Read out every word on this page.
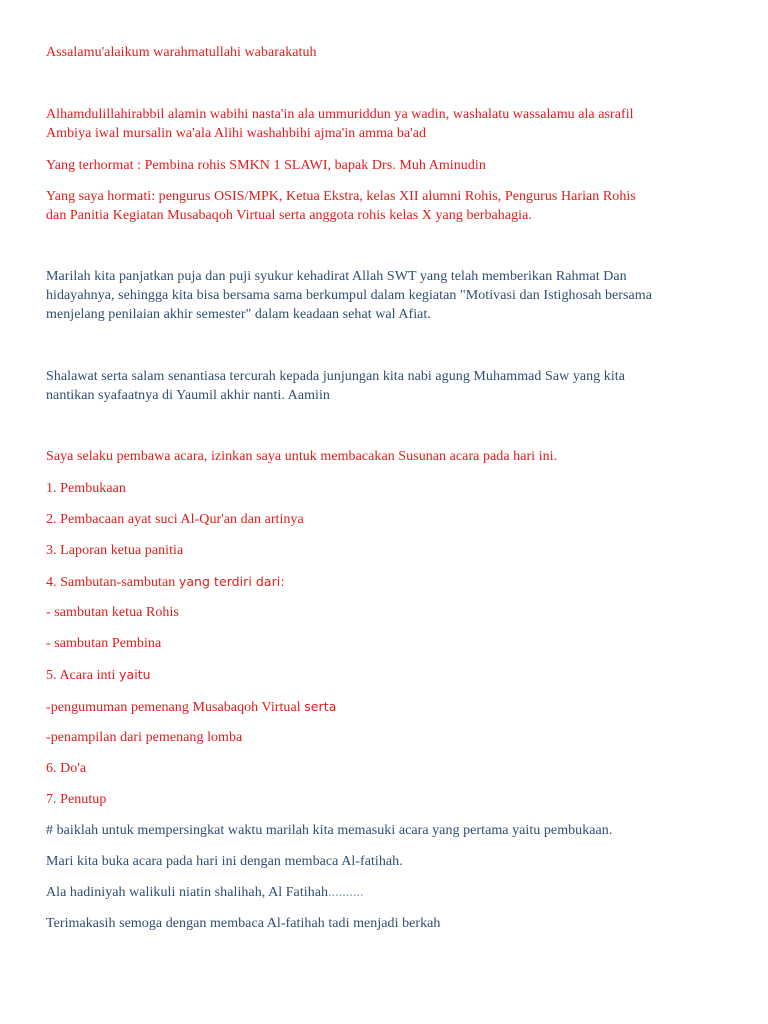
Assalamu'alaikum warahmatullahi wabarakatuh

Alhamdulillahirabbil alamin wabihi nasta'in ala ummuriddun ya wadin, washalatu wassalamu ala asrafil

Ambiya iwal mursalin wa'ala Alihi washahbihi ajma'in amma ba'ad

Yang terhormat : Pembina rohis SMKN 1 SLAWI, bapak Drs. Muh Aminudin

Yang saya hormati: pengurus OSIS/MPK, Ketua Ekstra, kelas XII alumni Rohis, Pengurus Harian Rohis

dan Panitia Kegiatan Musabaqoh Virtual serta anggota rohis kelas X yang berbahagia.

Marilah kita panjatkan puja dan puji syukur kehadirat Allah SWT yang telah memberikan Rahmat Dan

hidayahnya, sehingga kita bisa bersama sama berkumpul dalam kegiatan "Motivasi dan Istighosah bersama

menjelang penilaian akhir semester" dalam keadaan sehat wal Afiat.

Shalawat serta salam senantiasa tercurah kepada junjungan kita nabi agung Muhammad Saw yang kita

nantikan syafaatnya di Yaumil akhir nanti. Aamiin

Saya selaku pembawa acara, izinkan saya untuk membacakan Susunan acara pada hari ini.

1. Pembukaan

2. Pembacaan ayat suci Al-Qur'an dan artinya

3. Laporan ketua panitia

4. Sambutan-sambutan yang terdiri dari:

- sambutan ketua Rohis

- sambutan Pembina

5. Acara inti yaitu

-pengumuman pemenang Musabaqoh Virtual serta

-penampilan dari pemenang lomba

6. Do'a

7. Penutup

# baiklah untuk mempersingkat waktu marilah kita memasuki acara yang pertama yaitu pembukaan.

Mari kita buka acara pada hari ini dengan membaca Al-fatihah.

Ala hadiniyah walikuli niatin shalihah, Al Fatihah..........

Terimakasih semoga dengan membaca Al-fatihah tadi menjadi berkah
